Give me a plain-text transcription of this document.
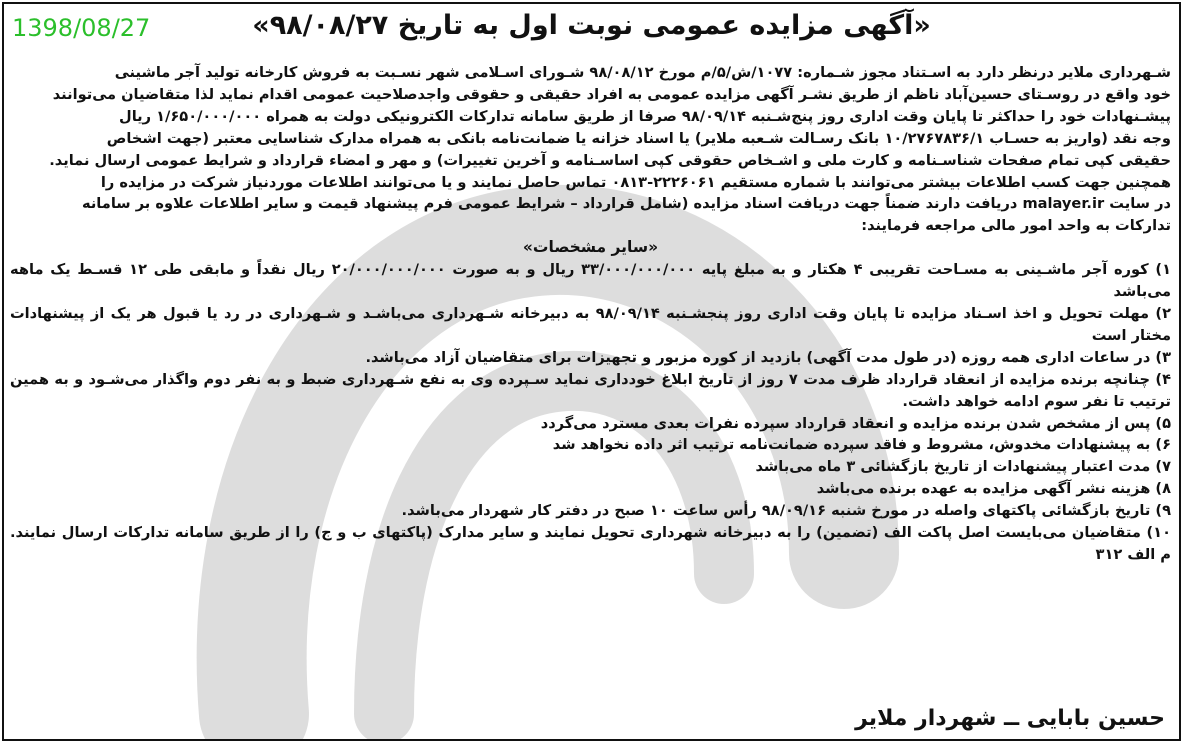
1398/08/27	«آگهی مزایده عمومی نوبت اول به تاریخ ۹۸/۰۸/۲۷»

شـهرداری ملایر درنظر دارد به اسـتناد مجوز شـماره: ۱۰۷۷/ش/۵/م مورخ ۹۸/۰۸/۱۲ شـورای اسـلامی شهر نسـبت به فروش کارخانه تولید آجر ماشینی

خود واقع در روسـتای حسین‌آباد ناظم از طریق نشـر آگهی مزایده عمومی به افراد حقیقی و حقوقی واجدصلاحیت عمومی اقدام نماید لذا متقاضیان می‌توانند

پیشـنهادات خود را حداکثر تا پایان وقت اداری روز پنج‌شـنبه ۹۸/۰۹/۱۴ صرفا از طریق سامانه تدارکات الکترونیکی دولت به همراه ۱/۶۵۰/۰۰۰/۰۰۰ ریال

وجه نقد (واریز به حسـاب ۱۰/۲۷۶۷۸۳۶/۱ بانک رسـالت شـعبه ملایر) یا اسناد خزانه یا ضمانت‌نامه بانکی به همراه مدارک شناسایی معتبر (جهت اشخاص

حقیقی کپی تمام صفحات شناسـنامه و کارت ملی و اشـخاص حقوقی کپی اساسـنامه و آخرین تغییرات) و مهر و امضاء قرارداد و شرایط عمومی ارسال نماید.

همچنین جهت کسب اطلاعات بیشتر می‌توانند با شماره مستقیم ۲۲۲۶۰۶۱-۰۸۱۳ تماس حاصل نمایند و یا می‌توانند اطلاعات موردنیاز شرکت در مزایده را

در سایت malayer.ir دریافت دارند ضمناً جهت دریافت اسناد مزایده (شامل قرارداد – شرایط عمومی فرم پیشنهاد قیمت و سایر اطلاعات علاوه بر سامانه

تدارکات به واحد امور مالی مراجعه فرمایند:

«سایر مشخصات»

۱) کوره آجر ماشـینی به مسـاحت تقریبی ۴ هکتار و به مبلغ پایه ۳۳/۰۰۰/۰۰۰/۰۰۰ ریال و به صورت ۲۰/۰۰۰/۰۰۰/۰۰۰ ریال نقداً و مابقی طی ۱۲ قسـط یک ماهه می‌باشد

۲) مهلت تحویل و اخذ اسـناد مزایده تا پایان وقت اداری روز پنجشـنبه ۹۸/۰۹/۱۴ به دبیرخانه شـهرداری می‌باشـد و شـهرداری در رد یا قبول هر یک از پیشنهادات مختار است

۳) در ساعات اداری همه روزه (در طول مدت آگهی) بازدید از کوره مزبور و تجهیزات برای متقاضیان آزاد می‌باشد.

۴) چنانچه برنده مزایده از انعقاد قرارداد ظرف مدت ۷ روز از تاریخ ابلاغ خودداری نماید سـپرده وی به نفع شـهرداری ضبط و به نفر دوم واگذار می‌شـود و به همین ترتیب تا نفر سوم ادامه خواهد داشت.

۵) پس از مشخص شدن برنده مزایده و انعقاد قرارداد سپرده نفرات بعدی مسترد می‌گردد

۶) به پیشنهادات مخدوش، مشروط و فاقد سپرده ضمانت‌نامه ترتیب اثر داده نخواهد شد

۷) مدت اعتبار پیشنهادات از تاریخ بازگشائی ۳ ماه می‌باشد

۸) هزینه نشر آگهی مزایده به عهده برنده می‌باشد

۹) تاریخ بازگشائی پاکتهای واصله در مورخ شنبه ۹۸/۰۹/۱۶ رأس ساعت ۱۰ صبح در دفتر کار شهردار می‌باشد.

۱۰) متقاضیان می‌بایست اصل پاکت الف (تضمین) را به دبیرخانه شهرداری تحویل نمایند و سایر مدارک (پاکتهای ب و ج) را از طریق سامانه تدارکات ارسال نمایند. م الف ۳۱۲

حسین بابایی ــ شهردار ملایر
